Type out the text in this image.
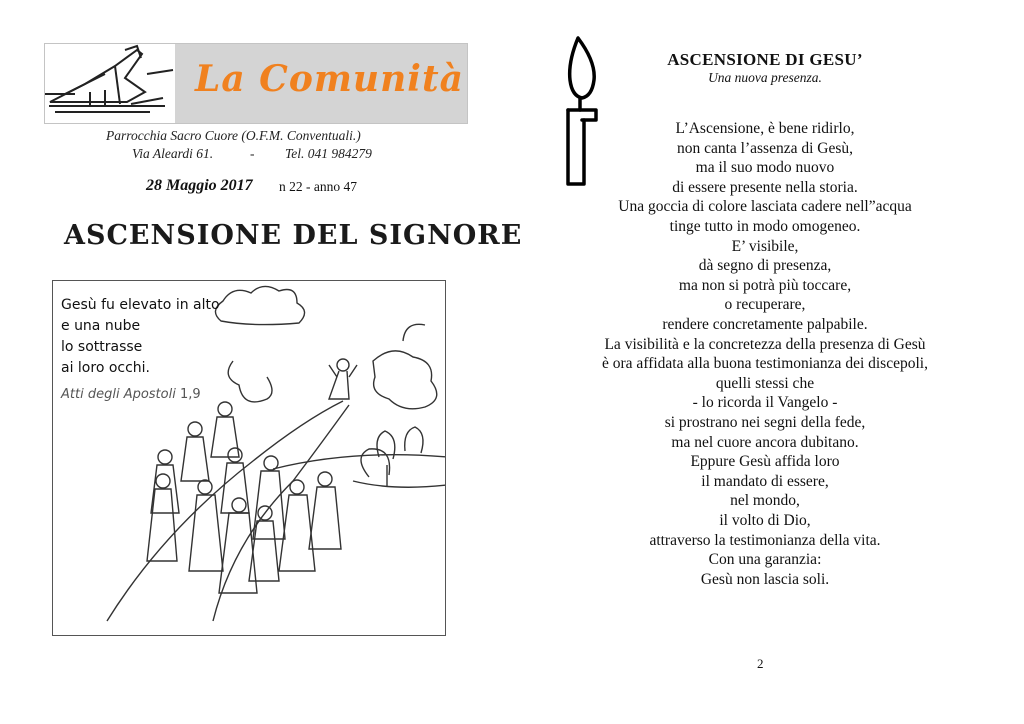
La Comunità
Parrocchia Sacro Cuore (O.F.M. Conventuali.)
Via Aleardi 61.	- Tel. 041 984279
28 Maggio 2017 n 22 - anno 47
ASCENSIONE DEL SIGNORE
Gesù fu elevato in alto
e una nube
lo sottrasse
ai loro occhi.
Atti degli Apostoli 1,9
ASCENSIONE DI GESU’
Una nuova presenza.
L’Ascensione, è bene ridirlo,
non canta l’assenza di Gesù,
ma il suo modo nuovo
di essere presente nella storia.
Una goccia di colore lasciata cadere nell”acqua
tinge tutto in modo omogeneo.
E’ visibile,
dà segno di presenza,
ma non si potrà più toccare,
o recuperare,
rendere concretamente palpabile.
La visibilità e la concretezza della presenza di Gesù
è ora affidata alla buona testimonianza dei discepoli,
quelli stessi che
- lo ricorda il Vangelo -
si prostrano nei segni della fede,
ma nel cuore ancora dubitano.
Eppure Gesù affida loro
il mandato di essere,
nel mondo,
il volto di Dio,
attraverso la testimonianza della vita.
Con una garanzia:
Gesù non lascia soli.
2
